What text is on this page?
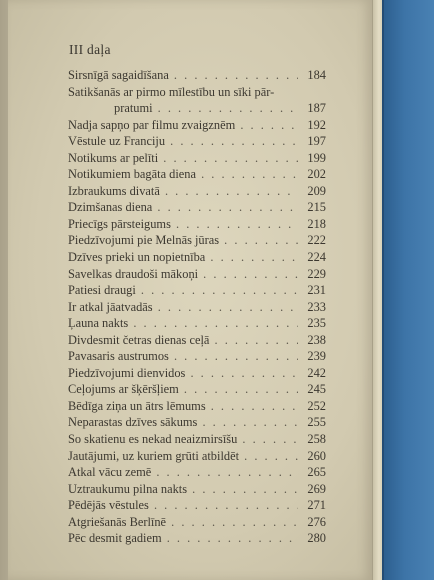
III daļa
Sirsnīgā sagaidīšana . . .	184
Satikšanās ar pirmo mīlestību un sīki pār-
pratumi . . .	187
Nadja sapņo par filmu zvaigznēm . . .	192
Vēstule uz Franciju . . .	197
Notikums ar pelīti . . .	199
Notikumiem bagāta diena . . .	202
Izbraukums divatā . . .	209
Dzimšanas diena . . .	215
Priecīgs pārsteigums . . .	218
Piedzīvojumi pie Melnās jūras . . .	222
Dzīves prieki un nopietnība . . .	224
Savelkas draudoši mākoņi . . .	229
Patiesi draugi . . .	231
Ir atkal jāatvadās . . .	233
Ļauna nakts . . .	235
Divdesmit četras dienas ceļā . . .	238
Pavasaris austrumos . . .	239
Piedzīvojumi dienvidos . . .	242
Ceļojums ar šķēršļiem . . .	245
Bēdīga ziņa un ātrs lēmums . . .	252
Neparastas dzīves sākums . . .	255
So skatienu es nekad neaizmirsīšu . . .	258
Jautājumi, uz kuriem grūti atbildēt . . .	260
Atkal vācu zemē . . .	265
Uztraukumu pilna nakts . . .	269
Pēdējās vēstules . . .	271
Atgriešanās Berlīnē . . .	276
Pēc desmit gadiem . . .	280
